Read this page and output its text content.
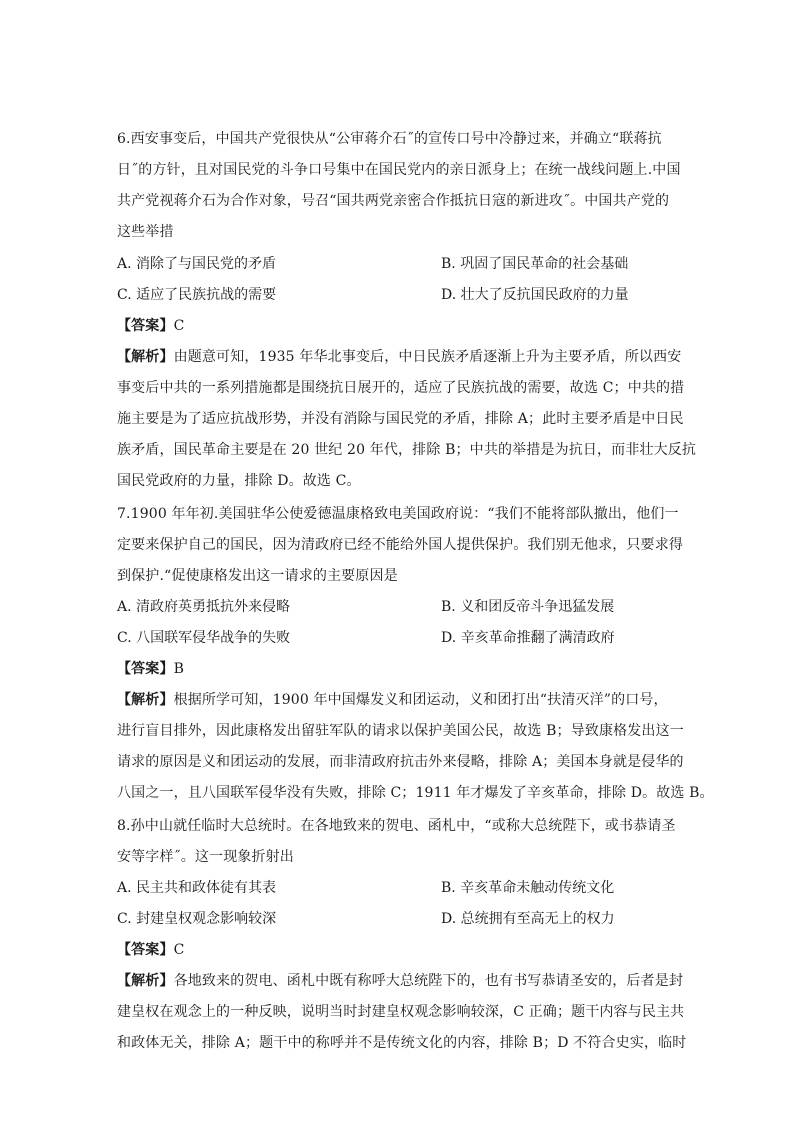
6.西安事变后，中国共产党很快从“公审蒋介石˝的宣传口号中冷静过来，并确立“联蒋抗
日˝的方针，且对国民党的斗争口号集中在国民党内的亲日派身上；在统一战线问题上.中国
共产党视蒋介石为合作对象，号召“国共两党亲密合作抵抗日寇的新进攻˝。中国共产党的
这些举措
A. 消除了与国民党的矛盾	B. 巩固了国民革命的社会基础
C. 适应了民族抗战的需要	D. 壮大了反抗国民政府的力量
【答案】C
【解析】由题意可知，1935 年华北事变后，中日民族矛盾逐渐上升为主要矛盾，所以西安
事变后中共的一系列措施都是围绕抗日展开的，适应了民族抗战的需要，故选 C；中共的措
施主要是为了适应抗战形势，并没有消除与国民党的矛盾，排除 A；此时主要矛盾是中日民
族矛盾，国民革命主要是在 20 世纪 20 年代，排除 B；中共的举措是为抗日，而非壮大反抗
国民党政府的力量，排除 D。故选 C。
7.1900 年年初.美国驻华公使爱德温康格致电美国政府说：“我们不能将部队撤出，他们一
定要来保护自己的国民，因为清政府已经不能给外国人提供保护。我们别无他求，只要求得
到保护.“促使康格发出这一请求的主要原因是
A. 清政府英勇抵抗外来侵略	B. 义和团反帝斗争迅猛发展
C. 八国联军侵华战争的失败	D. 辛亥革命推翻了满清政府
【答案】B
【解析】根据所学可知，1900 年中国爆发义和团运动，义和团打出“扶清灭洋”的口号，
进行盲目排外，因此康格发出留驻军队的请求以保护美国公民，故选 B；导致康格发出这一
请求的原因是义和团运动的发展，而非清政府抗击外来侵略，排除 A；美国本身就是侵华的
八国之一，且八国联军侵华没有失败，排除 C；1911 年才爆发了辛亥革命，排除 D。故选 B。
8.孙中山就任临时大总统时。在各地致来的贺电、函札中，“或称大总统陛下，或书恭请圣
安等字样˝。这一现象折射出
A. 民主共和政体徒有其表	B. 辛亥革命未触动传统文化
C. 封建皇权观念影响较深	D. 总统拥有至高无上的权力
【答案】C
【解析】各地致来的贺电、函札中既有称呼大总统陛下的，也有书写恭请圣安的，后者是封
建皇权在观念上的一种反映，说明当时封建皇权观念影响较深，C 正确；题干内容与民主共
和政体无关，排除 A；题干中的称呼并不是传统文化的内容，排除 B；D 不符合史实，临时
